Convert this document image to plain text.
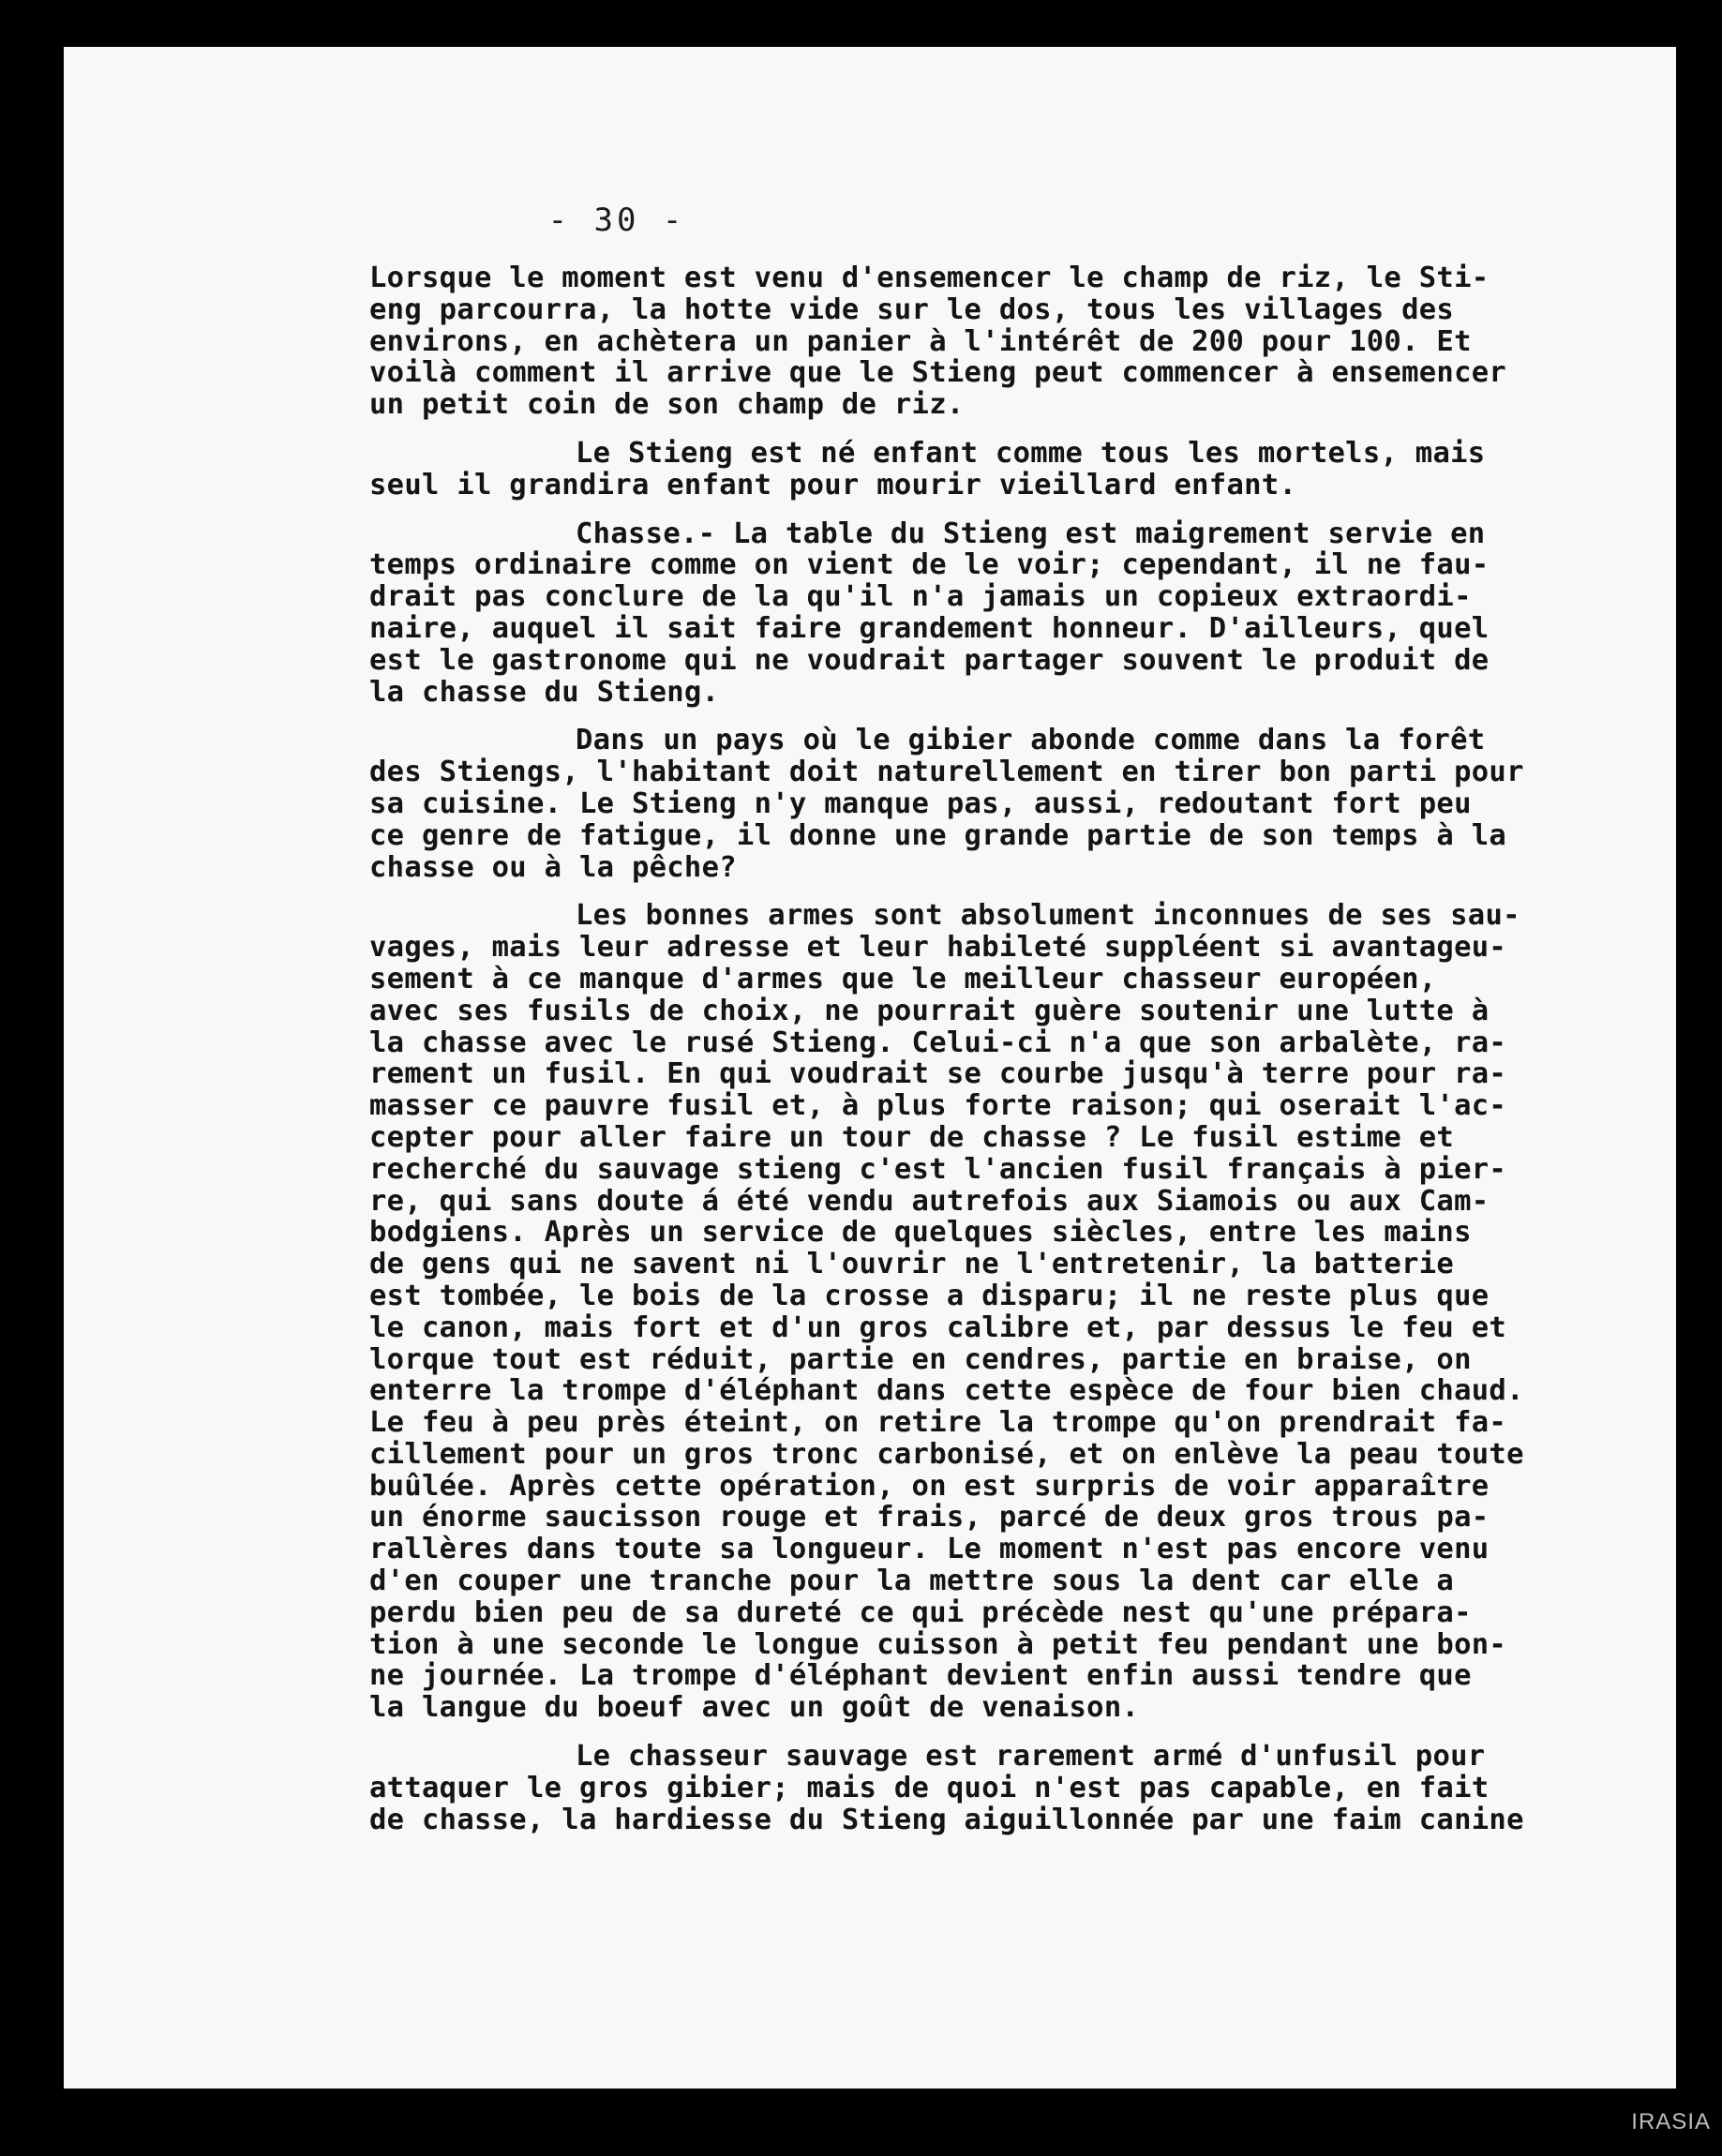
- 30 -
Lorsque le moment est venu d'ensemencer le champ de riz, le Sti-
eng parcourra, la hotte vide sur le dos, tous les villages des
environs, en achètera un panier à l'intérêt de 200 pour 100. Et
voilà comment il arrive que le Stieng peut commencer à ensemencer
un petit coin de son champ de riz.
Le Stieng est né enfant comme tous les mortels, mais
seul il grandira enfant pour mourir vieillard enfant.
Chasse.- La table du Stieng est maigrement servie en
temps ordinaire comme on vient de le voir; cependant, il ne fau-
drait pas conclure de la qu'il n'a jamais un copieux extraordi-
naire, auquel il sait faire grandement honneur. D'ailleurs, quel
est le gastronome qui ne voudrait partager souvent le produit de
la chasse du Stieng.
Dans un pays où le gibier abonde comme dans la forêt
des Stiengs, l'habitant doit naturellement en tirer bon parti pour
sa cuisine. Le Stieng n'y manque pas, aussi, redoutant fort peu
ce genre de fatigue, il donne une grande partie de son temps à la
chasse ou à la pêche?
Les bonnes armes sont absolument inconnues de ses sau-
vages, mais leur adresse et leur habileté suppléent si avantageu-
sement à ce manque d'armes que le meilleur chasseur européen,
avec ses fusils de choix, ne pourrait guère soutenir une lutte à
la chasse avec le rusé Stieng. Celui-ci n'a que son arbalète, ra-
rement un fusil. En qui voudrait se courbe jusqu'à terre pour ra-
masser ce pauvre fusil et, à plus forte raison; qui oserait l'ac-
cepter pour aller faire un tour de chasse ? Le fusil estime et
recherché du sauvage stieng c'est l'ancien fusil français à pier-
re, qui sans doute á été vendu autrefois aux Siamois ou aux Cam-
bodgiens. Après un service de quelques siècles, entre les mains
de gens qui ne savent ni l'ouvrir ne l'entretenir, la batterie
est tombée, le bois de la crosse a disparu; il ne reste plus que
le canon, mais fort et d'un gros calibre et, par dessus le feu et
lorque tout est réduit, partie en cendres, partie en braise, on
enterre la trompe d'éléphant dans cette espèce de four bien chaud.
Le feu à peu près éteint, on retire la trompe qu'on prendrait fa-
cillement pour un gros tronc carbonisé, et on enlève la peau toute
buûlée. Après cette opération, on est surpris de voir apparaître
un énorme saucisson rouge et frais, parcé de deux gros trous pa-
rallères dans toute sa longueur. Le moment n'est pas encore venu
d'en couper une tranche pour la mettre sous la dent car elle a
perdu bien peu de sa dureté ce qui précède nest qu'une prépara-
tion à une seconde le longue cuisson à petit feu pendant une bon-
ne journée. La trompe d'éléphant devient enfin aussi tendre que
la langue du boeuf avec un goût de venaison.
Le chasseur sauvage est rarement armé d'unfusil pour
attaquer le gros gibier; mais de quoi n'est pas capable, en fait
de chasse, la hardiesse du Stieng aiguillonnée par une faim canine
IRASIA
